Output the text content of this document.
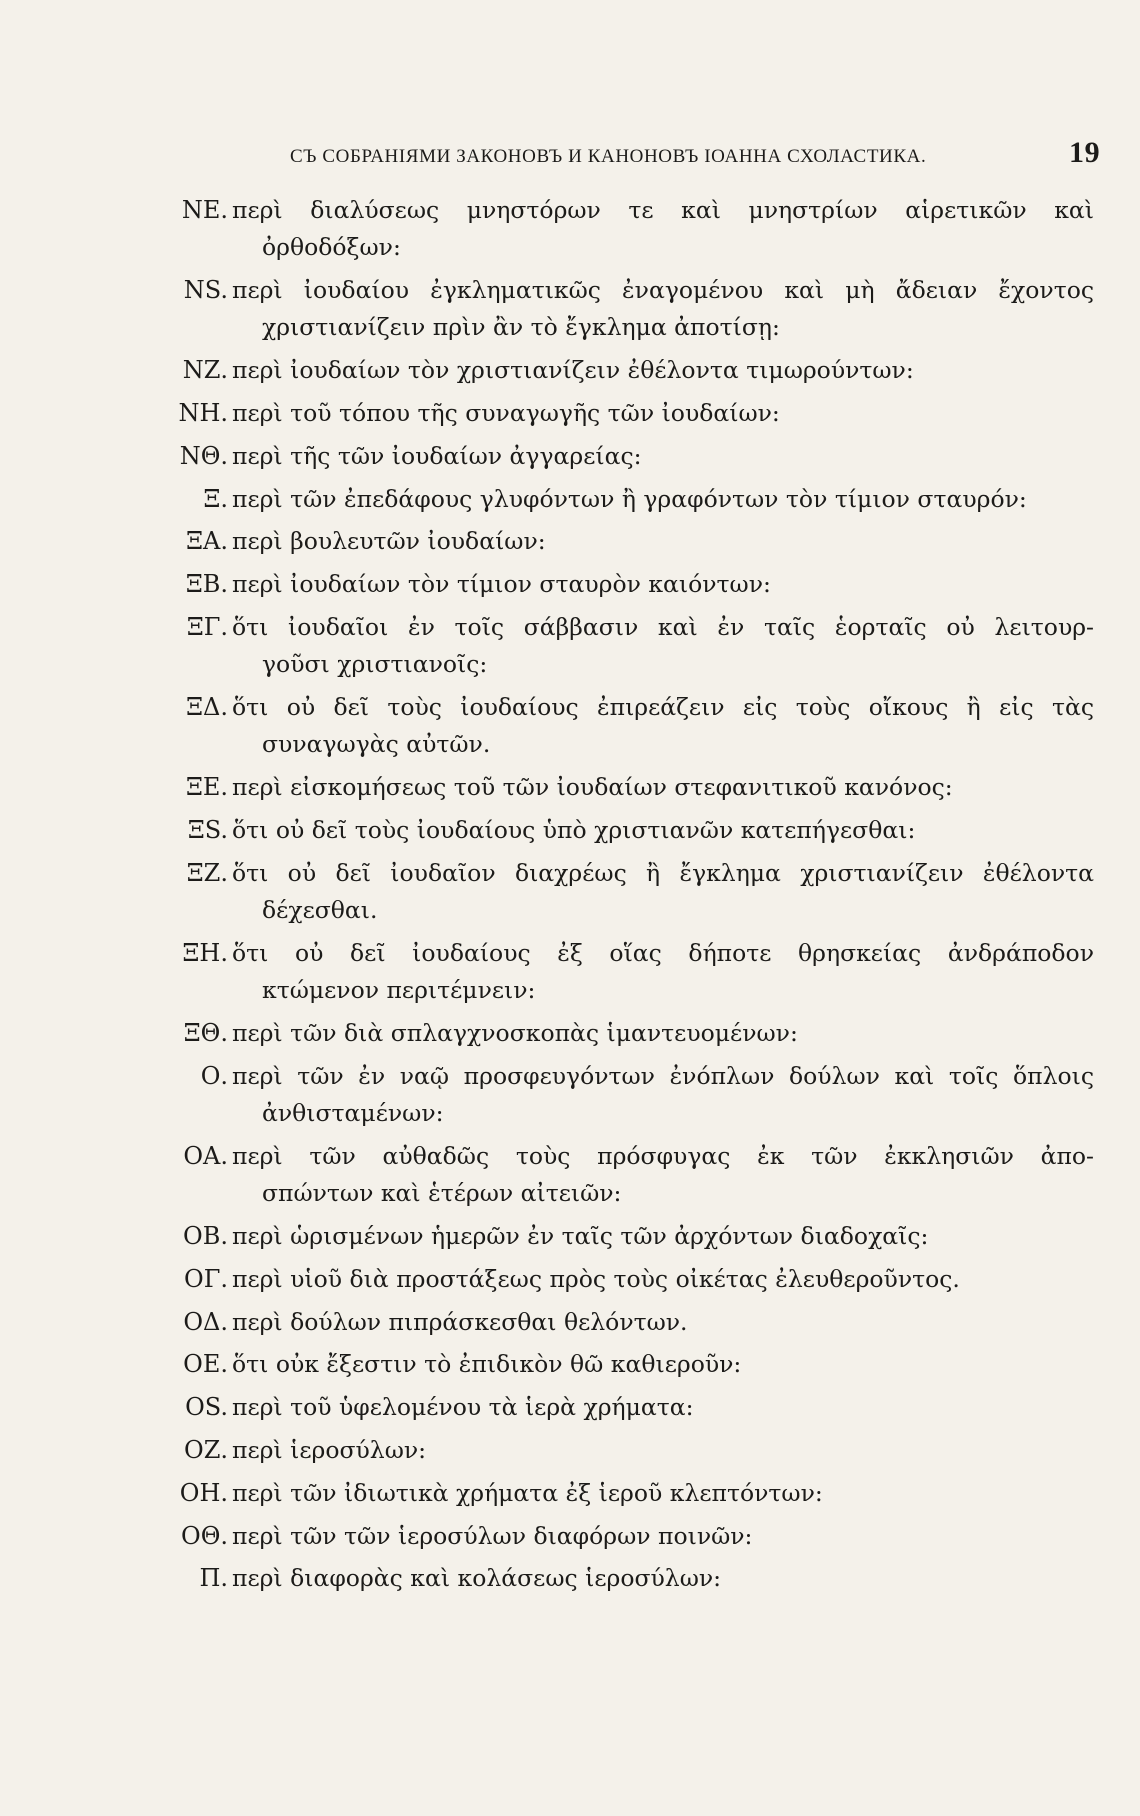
СЪ СОБРАНІЯМИ ЗАКОНОВЪ И КАНОНОВЪ ІОАННА СХОЛАСТИКА.	19
ΝΕ. περὶ διαλύσεως μνηστόρων τε καὶ μνηστρίων αἱρετικῶν καὶ
ὀρθοδόξων:
ΝS. περὶ ἰουδαίου ἐγκληματικῶς ἐναγομένου καὶ μὴ ἄδειαν ἔχοντος
χριστιανίζειν πρὶν ἂν τὸ ἔγκλημα ἀποτίσῃ:
ΝΖ. περὶ ἰουδαίων τὸν χριστιανίζειν ἐθέλοντα τιμωρούντων:
ΝΗ. περὶ τοῦ τόπου τῆς συναγωγῆς τῶν ἰουδαίων:
ΝΘ. περὶ τῆς τῶν ἰουδαίων ἀγγαρείας:
Ξ. περὶ τῶν ἐπεδάφους γλυφόντων ἢ γραφόντων τὸν τίμιον σταυρόν:
ΞΑ. περὶ βουλευτῶν ἰουδαίων:
ΞΒ. περὶ ἰουδαίων τὸν τίμιον σταυρὸν καιόντων:
ΞΓ. ὅτι ἰουδαῖοι ἐν τοῖς σάββασιν καὶ ἐν ταῖς ἑορταῖς οὐ λειτουρ-
γοῦσι χριστιανοῖς:
ΞΔ. ὅτι οὐ δεῖ τοὺς ἰουδαίους ἐπιρεάζειν εἰς τοὺς οἴκους ἢ εἰς τὰς
συναγωγὰς αὐτῶν.
ΞΕ. περὶ εἰσκομήσεως τοῦ τῶν ἰουδαίων στεφανιτικοῦ κανόνος:
ΞS. ὅτι οὐ δεῖ τοὺς ἰουδαίους ὑπὸ χριστιανῶν κατεπήγεσθαι:
ΞΖ. ὅτι οὐ δεῖ ἰουδαῖον διαχρέως ἢ ἔγκλημα χριστιανίζειν ἐθέλοντα
δέχεσθαι.
ΞΗ. ὅτι οὐ δεῖ ἰουδαίους ἐξ οἵας δήποτε θρησκείας ἀνδράποδον
κτώμενον περιτέμνειν:
ΞΘ. περὶ τῶν διὰ σπλαγχνοσκοπὰς ἱμαντευομένων:
Ο. περὶ τῶν ἐν ναῷ προσφευγόντων ἐνόπλων δούλων καὶ τοῖς ὅπλοις
ἀνθισταμένων:
ΟΑ. περὶ τῶν αὐθαδῶς τοὺς πρόσφυγας ἐκ τῶν ἐκκλησιῶν ἀπο-
σπώντων καὶ ἑτέρων αἰτειῶν:
ΟΒ. περὶ ὡρισμένων ἡμερῶν ἐν ταῖς τῶν ἀρχόντων διαδοχαῖς:
ΟΓ. περὶ υἱοῦ διὰ προστάξεως πρὸς τοὺς οἰκέτας ἐλευθεροῦντος.
ΟΔ. περὶ δούλων πιπράσκεσθαι θελόντων.
ΟΕ. ὅτι οὐκ ἔξεστιν τὸ ἐπιδικὸν θῶ καθιεροῦν:
ΟS. περὶ τοῦ ὑφελομένου τὰ ἱερὰ χρήματα:
ΟΖ. περὶ ἱεροσύλων:
ΟΗ. περὶ τῶν ἰδιωτικὰ χρήματα ἐξ ἱεροῦ κλεπτόντων:
ΟΘ. περὶ τῶν τῶν ἱεροσύλων διαφόρων ποινῶν:
Π. περὶ διαφορὰς καὶ κολάσεως ἱεροσύλων:
